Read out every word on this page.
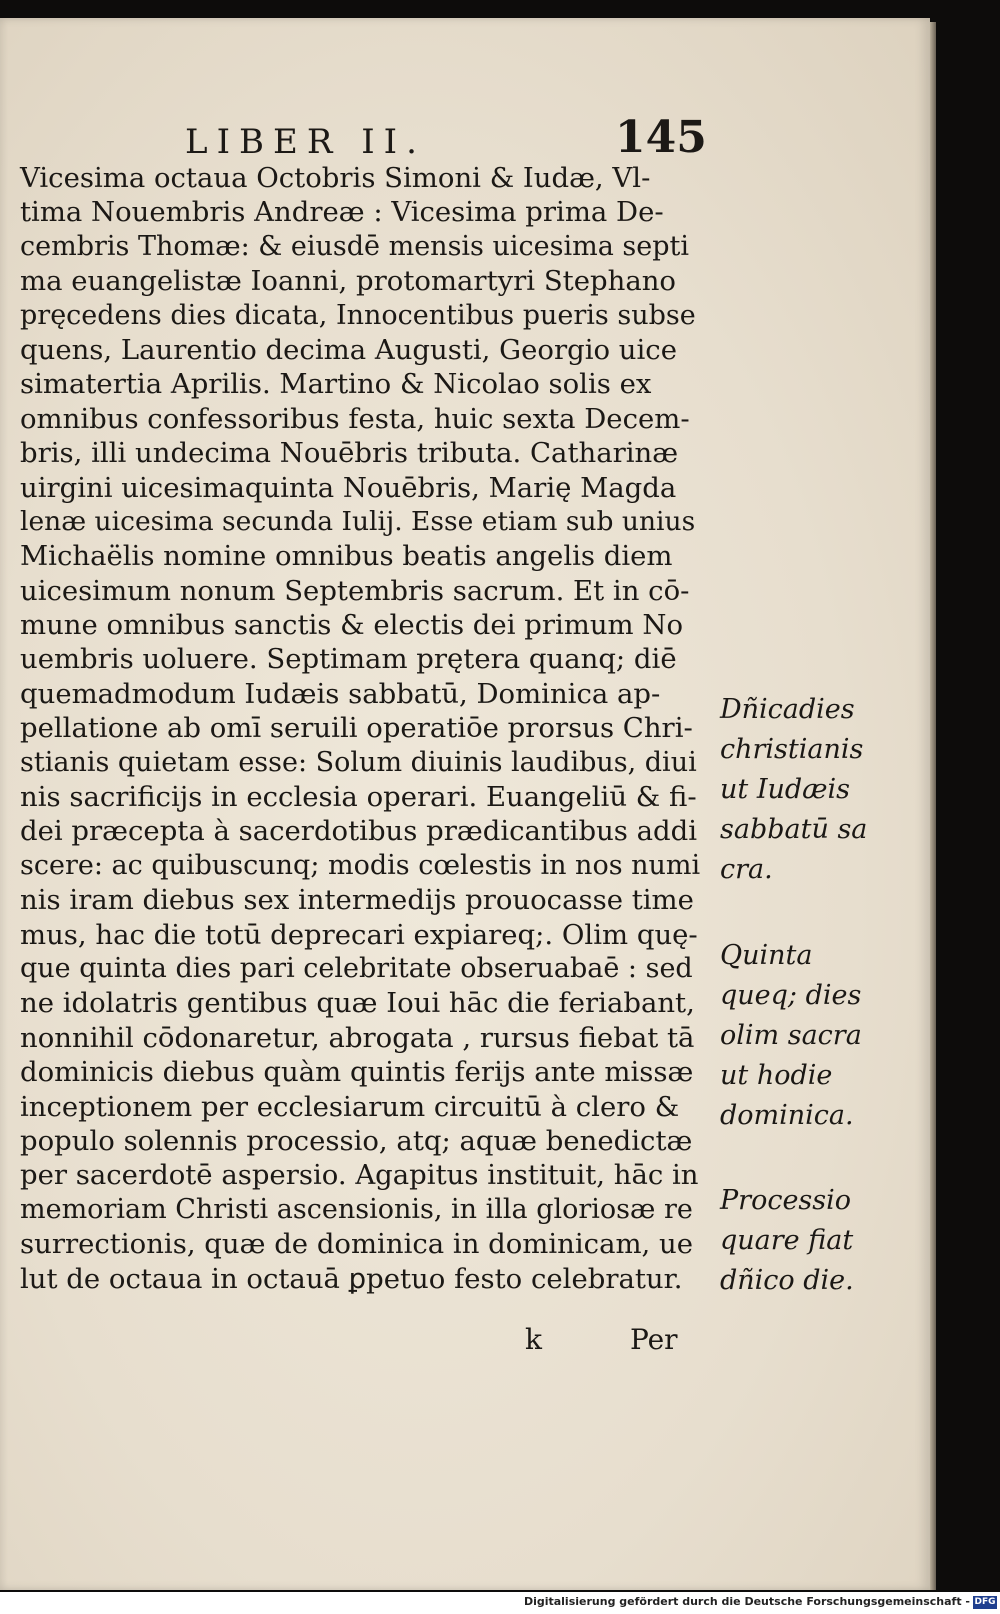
LIBER II.	145
Vicesima octaua Octobris Simoni & Iudæ, Vl-
tima Nouembris Andreæ : Vicesima prima De-
cembris Thomæ: & eiusdē mensis uicesima septi
ma euangelistæ Ioanni, protomartyri Stephano
pręcedens dies dicata, Innocentibus pueris subse
quens, Laurentio decima Augusti, Georgio uice
simatertia Aprilis. Martino & Nicolao solis ex
omnibus confessoribus festa, huic sexta Decem-
bris, illi undecima Nouēbris tributa. Catharinæ
uirgini uicesimaquinta Nouēbris, Marię Magda
lenæ uicesima secunda Iulij. Esse etiam sub unius
Michaëlis nomine omnibus beatis angelis diem
uicesimum nonum Septembris sacrum. Et in cō-
mune omnibus sanctis & electis dei primum No
uembris uoluere. Septimam prętera quanq; diē
quemadmodum Iudæis sabbatū, Dominica ap-
pellatione ab omī seruili operatiōe prorsus Chri-
stianis quietam esse: Solum diuinis laudibus, diui
nis sacrificijs in ecclesia operari. Euangeliū & fi-
dei præcepta à sacerdotibus prædicantibus addi
scere: ac quibuscunq; modis cœlestis in nos numi
nis iram diebus sex intermedijs prouocasse time
mus, hac die totū deprecari expiareq;. Olim quę-
que quinta dies pari celebritate obseruabaē : sed
ne idolatris gentibus quæ Ioui hāc die feriabant,
nonnihil cōdonaretur, abrogata , rursus fiebat tā
dominicis diebus quàm quintis ferijs ante missæ
inceptionem per ecclesiarum circuitū à clero &
populo solennis processio, atq; aquæ benedictæ
per sacerdotē aspersio. Agapitus instituit, hāc in
memoriam Christi ascensionis, in illa gloriosæ re
surrectionis, quæ de dominica in dominicam, ue
lut de octaua in octauā ꝑpetuo festo celebratur.
Dñicadies
christianis
ut Iudæis
sabbatū sa
cra.
Quinta
queq; dies
olim sacra
ut hodie
dominica.
Processio
quare fiat
dñico die.
k	Per
Digitalisierung gefördert durch die Deutsche Forschungsgemeinschaft - DFG
